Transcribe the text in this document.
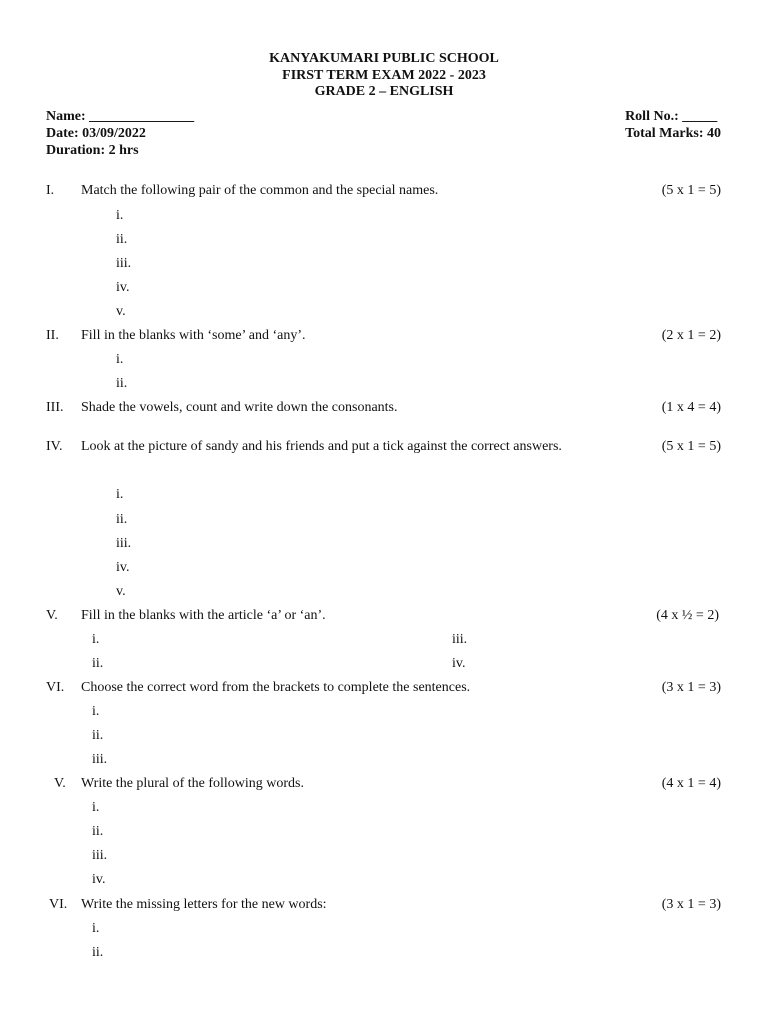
KANYAKUMARI PUBLIC SCHOOL
FIRST TERM EXAM 2022 - 2023
GRADE 2 – ENGLISH
Name: _______________
Date: 03/09/2022
Duration: 2 hrs
Roll No.: _____
Total Marks: 40
I. Match the following pair of the common and the special names.	(5 x 1 = 5)
i.
ii.
iii.
iv.
v.
II. Fill in the blanks with ‘some’ and ‘any’.	(2 x 1 = 2)
i.
ii.
III. Shade the vowels, count and write down the consonants.	(1 x 4 = 4)
IV. Look at the picture of sandy and his friends and put a tick against the correct answers.	(5 x 1 = 5)
i.
ii.
iii.
iv.
v.
V. Fill in the blanks with the article ‘a’ or ‘an’.	(4 x ½ = 2)
i.
ii.
iii.
iv.
VI. Choose the correct word from the brackets to complete the sentences.	(3 x 1 = 3)
i.
ii.
iii.
V. Write the plural of the following words.	(4 x 1 = 4)
i.
ii.
iii.
iv.
VI. Write the missing letters for the new words:	(3 x 1 = 3)
i.
ii.
